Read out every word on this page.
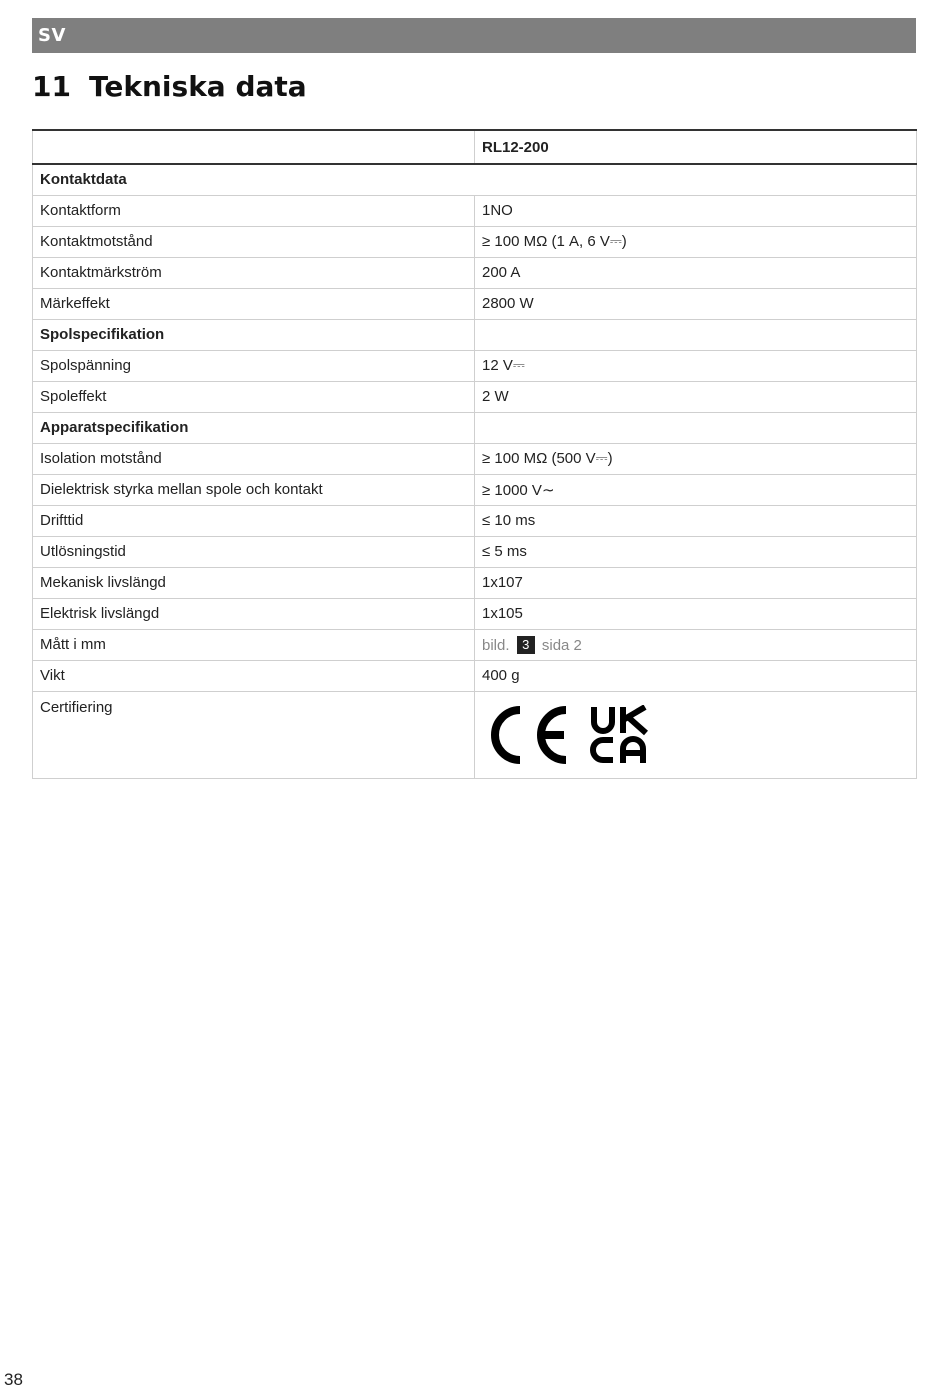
SV
11 Tekniska data
	RL12-200
Kontaktdata	
Kontaktform	1NO
Kontaktmotstånd	≥ 100 MΩ (1 A, 6 V⎓)
Kontaktmärkström	200 A
Märkeffekt	2800 W
Spolspecifikation	
Spolspänning	12 V⎓
Spoleffekt	2 W
Apparatspecifikation	
Isolation motstånd	≥ 100 MΩ (500 V⎓)
Dielektrisk styrka mellan spole och kontakt	≥ 1000 V∼
Drifttid	≤ 10 ms
Utlösningstid	≤ 5 ms
Mekanisk livslängd	1x107
Elektrisk livslängd	1x105
Mått i mm	bild. 3 sida 2
Vikt	400 g
Certifiering	
38
